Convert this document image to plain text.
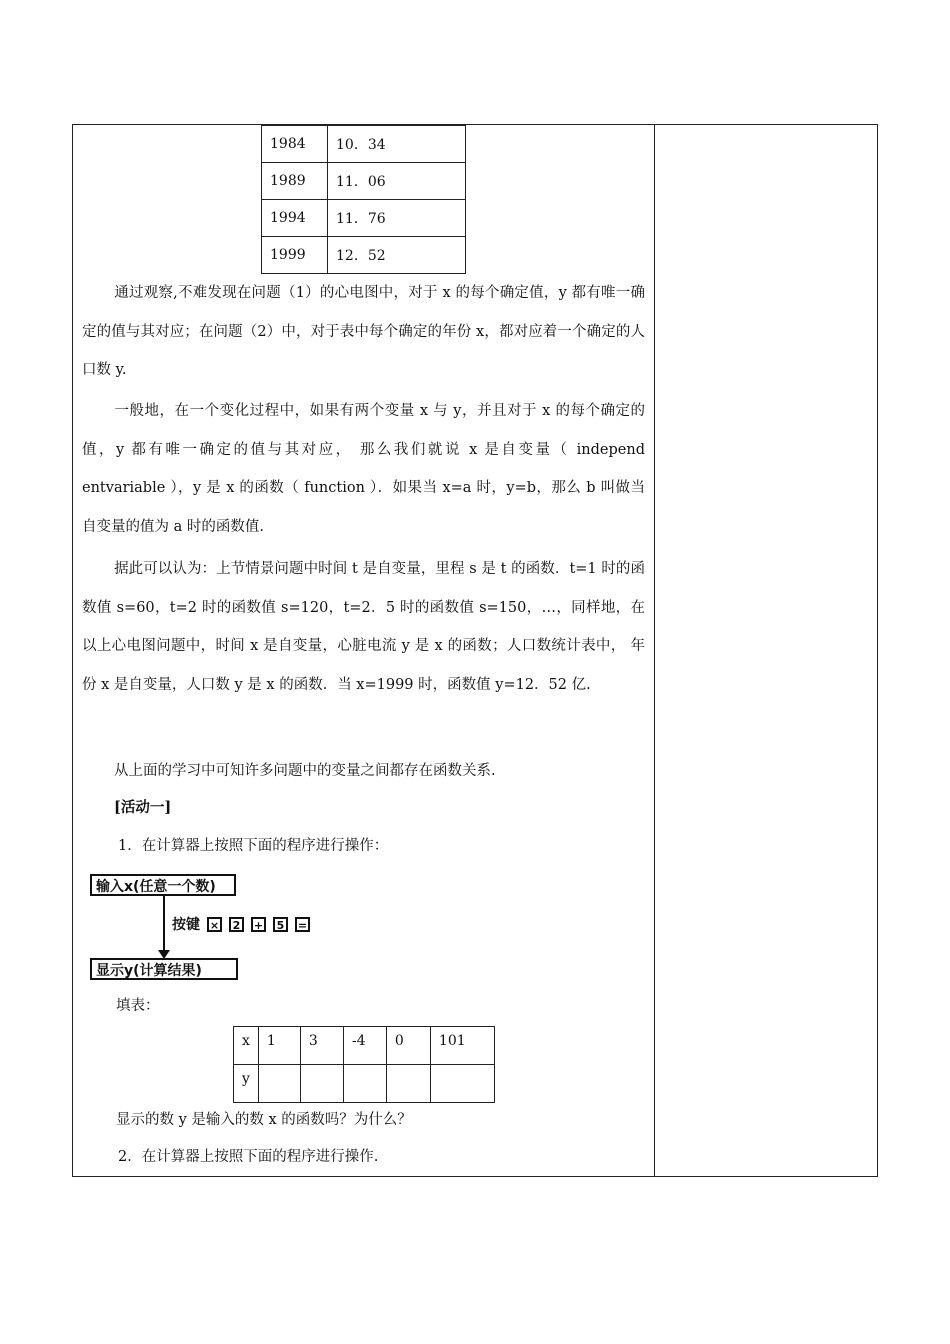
1984	10．34
1989	11．06
1994	11．76
1999	12．52
通过观察,不难发现在问题（1）的心电图中，对于 x 的每个确定值，y 都有唯一确定的值与其对应；在问题（2）中，对于表中每个确定的年份 x，都对应着一个确定的人口数 y.
一般地，在一个变化过程中，如果有两个变量 x 与 y，并且对于 x 的每个确定的值，y 都有唯一确定的值与其对应， 那么我们就说 x 是自变量（ independ entvariable ），y 是 x 的函数（ function ）．如果当 x=a 时，y=b，那么 b 叫做当自变量的值为 a 时的函数值.
据此可以认为：上节情景问题中时间 t 是自变量，里程 s 是 t 的函数．t=1 时的函数值 s=60，t=2 时的函数值 s=120，t=2．5 时的函数值 s=150，…，同样地，在以上心电图问题中，时间 x 是自变量，心脏电流 y 是 x 的函数；人口数统计表中， 年份 x 是自变量，人口数 y 是 x 的函数．当 x=1999 时，函数值 y=12．52 亿.
从上面的学习中可知许多问题中的变量之间都存在函数关系.
[活动一]
1．在计算器上按照下面的程序进行操作：
输入x(任意一个数)
按键 ×	2	+	5	=
显示y(计算结果)
填表：
x	1	3	-4	0	101
y					
显示的数 y 是输入的数 x 的函数吗？为什么？
2．在计算器上按照下面的程序进行操作.
